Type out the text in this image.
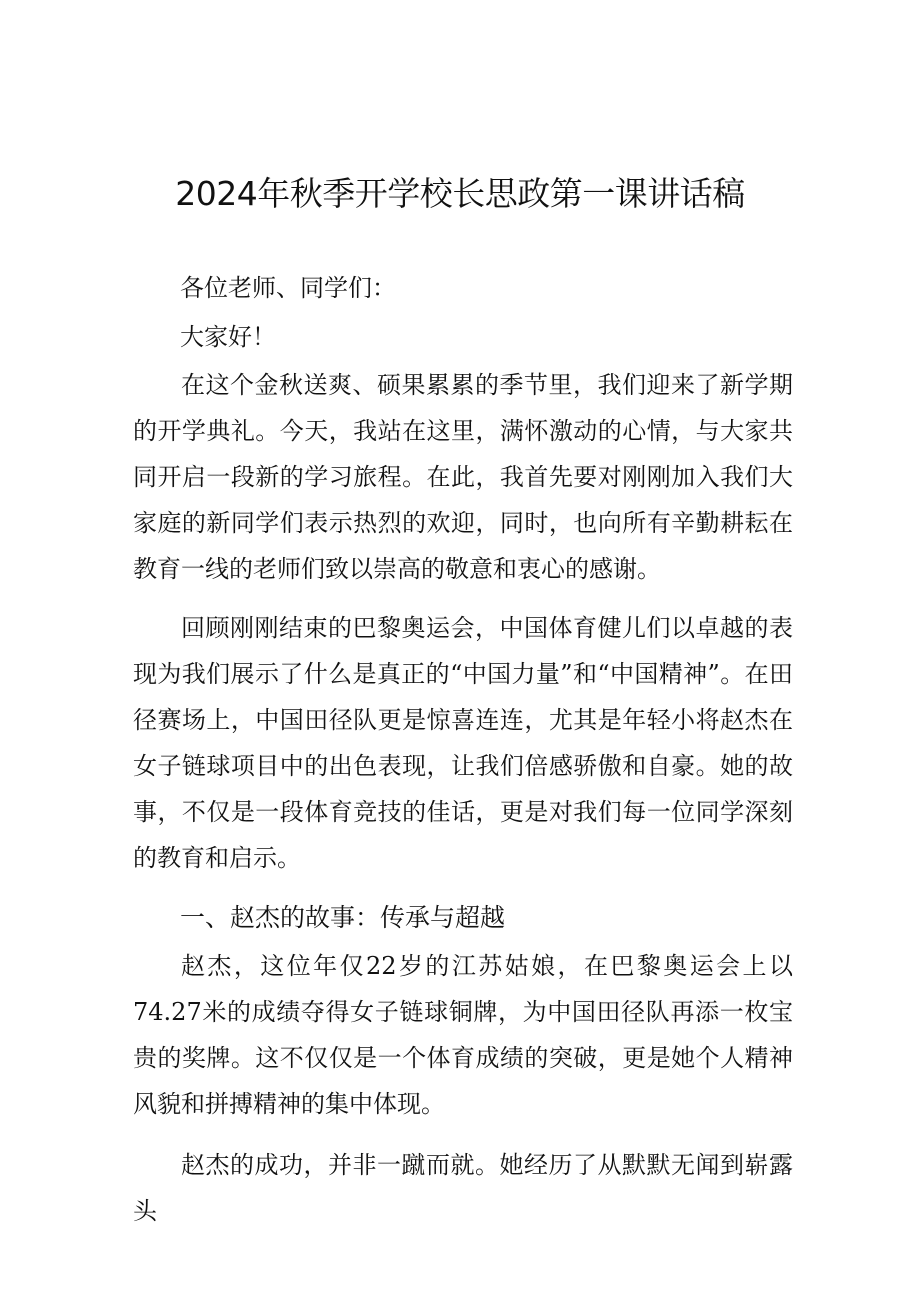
2024年秋季开学校长思政第一课讲话稿
各位老师、同学们：
大家好！

在这个金秋送爽、硕果累累的季节里，我们迎来了新学期的开学典礼。今天，我站在这里，满怀激动的心情，与大家共同开启一段新的学习旅程。在此，我首先要对刚刚加入我们大家庭的新同学们表示热烈的欢迎，同时，也向所有辛勤耕耘在教育一线的老师们致以崇高的敬意和衷心的感谢。

回顾刚刚结束的巴黎奥运会，中国体育健儿们以卓越的表现为我们展示了什么是真正的“中国力量”和“中国精神”。在田径赛场上，中国田径队更是惊喜连连，尤其是年轻小将赵杰在女子链球项目中的出色表现，让我们倍感骄傲和自豪。她的故事，不仅是一段体育竞技的佳话，更是对我们每一位同学深刻的教育和启示。

一、赵杰的故事：传承与超越

赵杰，这位年仅22岁的江苏姑娘，在巴黎奥运会上以74.27米的成绩夺得女子链球铜牌，为中国田径队再添一枚宝贵的奖牌。这不仅仅是一个体育成绩的突破，更是她个人精神风貌和拼搏精神的集中体现。

赵杰的成功，并非一蹴而就。她经历了从默默无闻到崭露头
